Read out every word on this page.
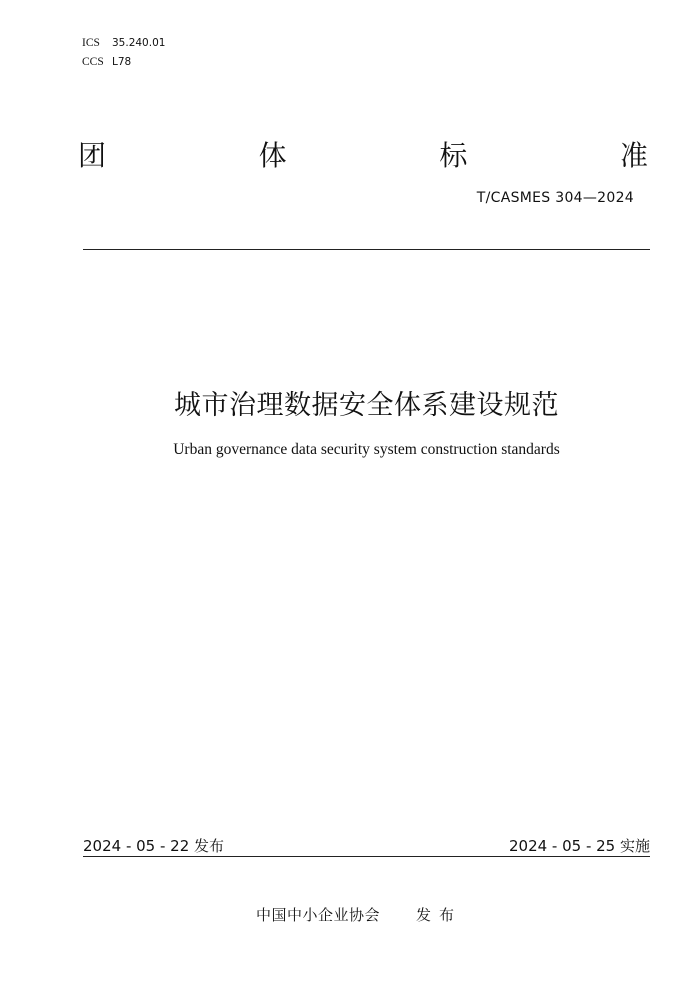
ICS	35.240.01
CCS L78
团	体	标	准
T/CASMES 304—2024
城市治理数据安全体系建设规范
Urban governance data security system construction standards
2024 - 05 - 22 发布	2024 - 05 - 25 实施
中国中小企业协会 发布
